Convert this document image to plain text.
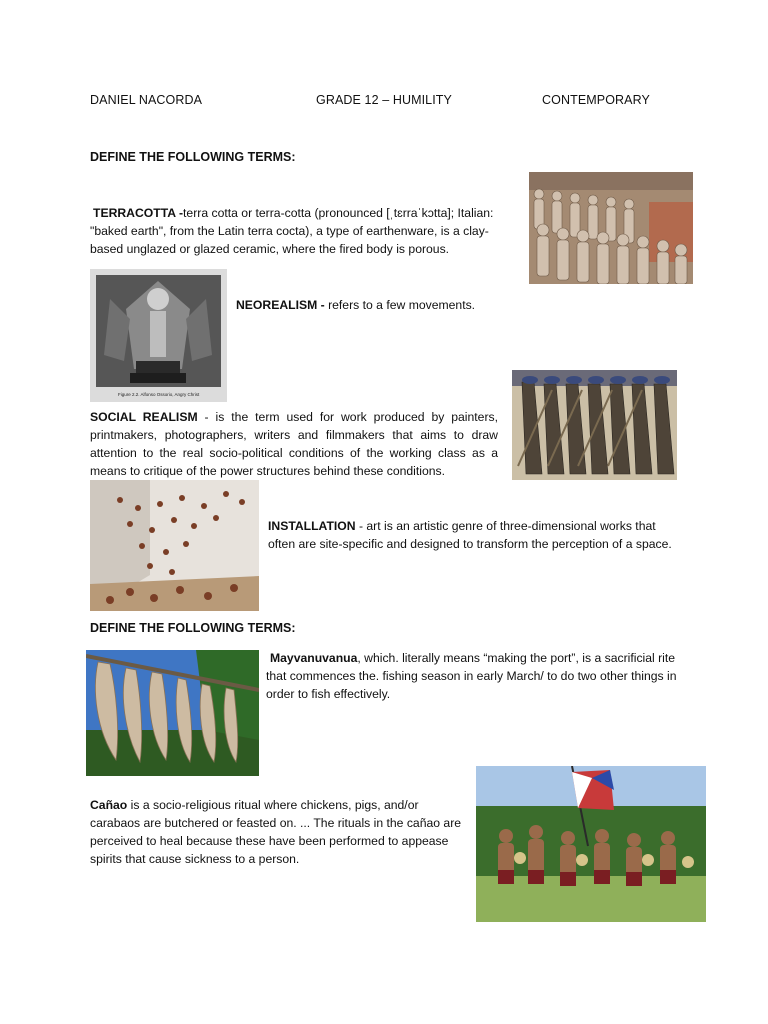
DANIEL NACORDA	GRADE 12 – HUMILITY	CONTEMPORARY
DEFINE THE FOLLOWING TERMS:
TERRACOTTA -terra cotta or terra-cotta (pronounced [ˌtɛrraˈkɔtta]; Italian: "baked earth", from the Latin terra cocta), a type of earthenware, is a clay-based unglazed or glazed ceramic, where the fired body is porous.
Figure 2.2. Alfonso Ossorio, Angry Christ
NEOREALISM - refers to a few movements.
SOCIAL REALISM - is the term used for work produced by painters, printmakers, photographers, writers and filmmakers that aims to draw attention to the real socio-political conditions of the working class as a means to critique of the power structures behind these conditions.
INSTALLATION - art is an artistic genre of three-dimensional works that often are site-specific and designed to transform the perception of a space.
DEFINE THE FOLLOWING TERMS:
Mayvanuvanua, which. literally means “making the port”, is a sacrificial rite that commences the. fishing season in early March/ to do two other things in order to fish effectively.
Cañao is a socio-religious ritual where chickens, pigs, and/or carabaos are butchered or feasted on. ... The rituals in the cañao are perceived to heal because these have been performed to appease spirits that cause sickness to a person.
